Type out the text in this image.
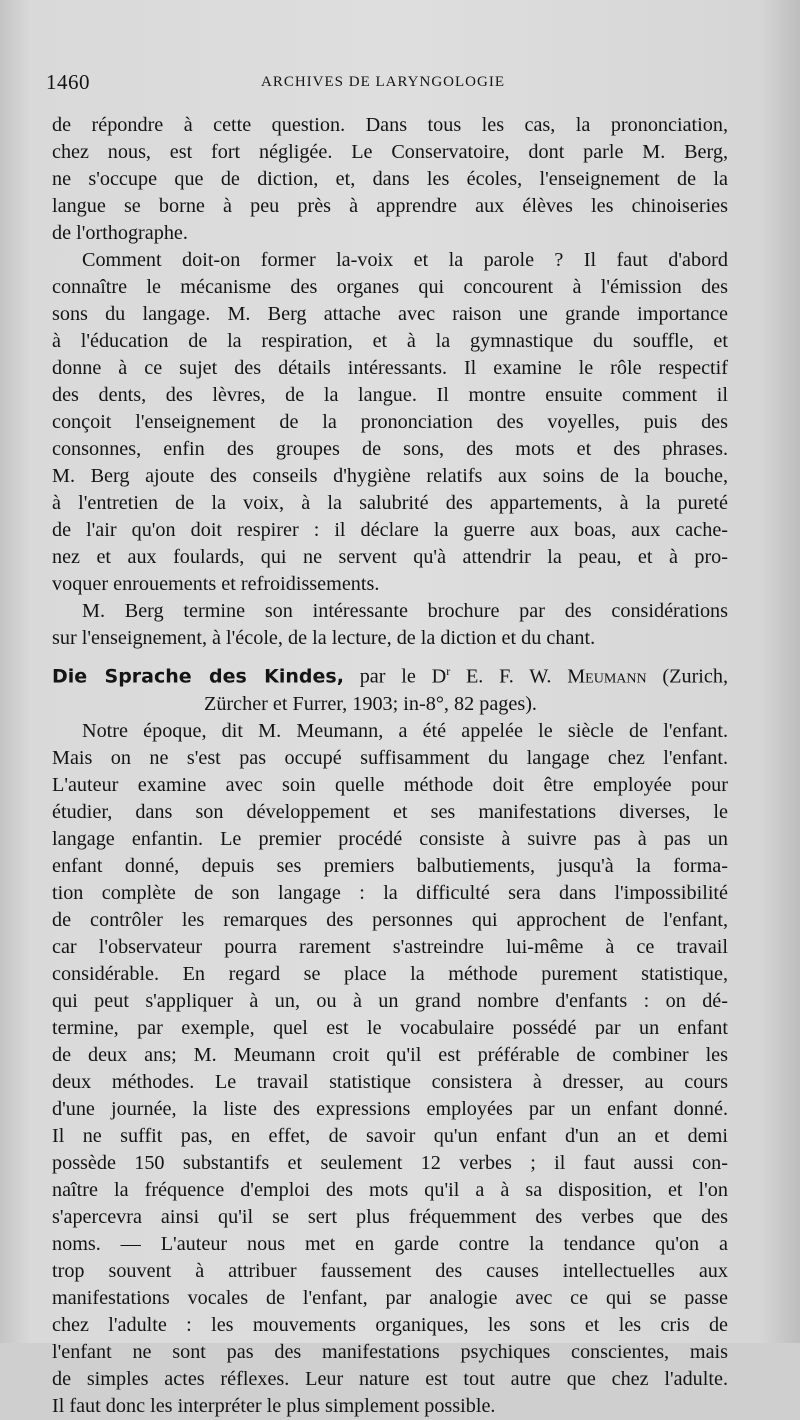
1460	ARCHIVES DE LARYNGOLOGIE
de répondre à cette question. Dans tous les cas, la prononciation,
chez nous, est fort négligée. Le Conservatoire, dont parle M. Berg,
ne s'occupe que de diction, et, dans les écoles, l'enseignement de la
langue se borne à peu près à apprendre aux élèves les chinoiseries
de l'orthographe.
Comment doit-on former la-voix et la parole ? Il faut d'abord
connaître le mécanisme des organes qui concourent à l'émission des
sons du langage. M. Berg attache avec raison une grande importance
à l'éducation de la respiration, et à la gymnastique du souffle, et
donne à ce sujet des détails intéressants. Il examine le rôle respectif
des dents, des lèvres, de la langue. Il montre ensuite comment il
conçoit l'enseignement de la prononciation des voyelles, puis des
consonnes, enfin des groupes de sons, des mots et des phrases.
M. Berg ajoute des conseils d'hygiène relatifs aux soins de la bouche,
à l'entretien de la voix, à la salubrité des appartements, à la pureté
de l'air qu'on doit respirer : il déclare la guerre aux boas, aux cache-
nez et aux foulards, qui ne servent qu'à attendrir la peau, et à pro-
voquer enrouements et refroidissements.
M. Berg termine son intéressante brochure par des considérations
sur l'enseignement, à l'école, de la lecture, de la diction et du chant.
Die Sprache des Kindes, par le $D^r$ E. F. W. Meumann (Zurich,
Zürcher et Furrer, 1903; in-8°, 82 pages).
Notre époque, dit M. Meumann, a été appelée le siècle de l'enfant.
Mais on ne s'est pas occupé suffisamment du langage chez l'enfant.
L'auteur examine avec soin quelle méthode doit être employée pour
étudier, dans son développement et ses manifestations diverses, le
langage enfantin. Le premier procédé consiste à suivre pas à pas un
enfant donné, depuis ses premiers balbutiements, jusqu'à la forma-
tion complète de son langage : la difficulté sera dans l'impossibilité
de contrôler les remarques des personnes qui approchent de l'enfant,
car l'observateur pourra rarement s'astreindre lui-même à ce travail
considérable. En regard se place la méthode purement statistique,
qui peut s'appliquer à un, ou à un grand nombre d'enfants : on dé-
termine, par exemple, quel est le vocabulaire possédé par un enfant
de deux ans; M. Meumann croit qu'il est préférable de combiner les
deux méthodes. Le travail statistique consistera à dresser, au cours
d'une journée, la liste des expressions employées par un enfant donné.
Il ne suffit pas, en effet, de savoir qu'un enfant d'un an et demi
possède 150 substantifs et seulement 12 verbes ; il faut aussi con-
naître la fréquence d'emploi des mots qu'il a à sa disposition, et l'on
s'apercevra ainsi qu'il se sert plus fréquemment des verbes que des
noms. — L'auteur nous met en garde contre la tendance qu'on a
trop souvent à attribuer faussement des causes intellectuelles aux
manifestations vocales de l'enfant, par analogie avec ce qui se passe
chez l'adulte : les mouvements organiques, les sons et les cris de
l'enfant ne sont pas des manifestations psychiques conscientes, mais
de simples actes réflexes. Leur nature est tout autre que chez l'adulte.
Il faut donc les interpréter le plus simplement possible.
